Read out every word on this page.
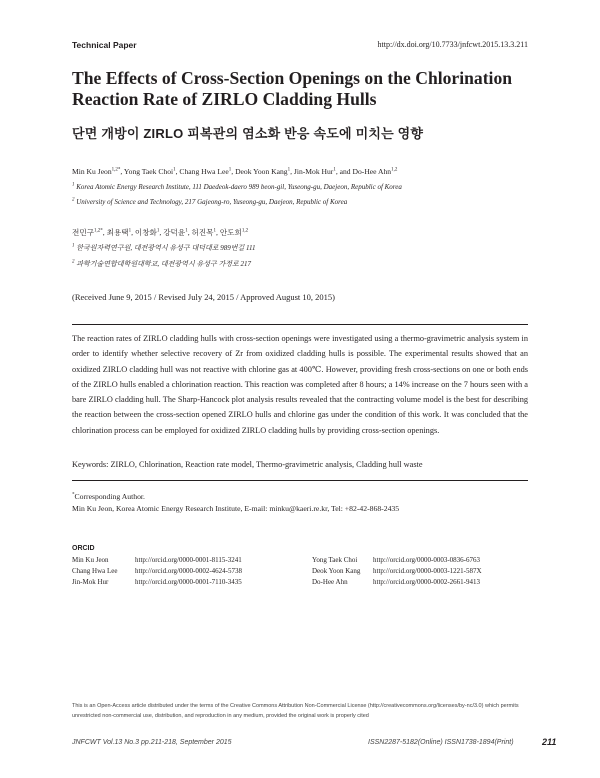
Technical Paper	http://dx.doi.org/10.7733/jnfcwt.2015.13.3.211
The Effects of Cross-Section Openings on the Chlorination Reaction Rate of ZIRLO Cladding Hulls
단면 개방이 ZIRLO 피복관의 염소화 반응 속도에 미치는 영향
Min Ku Jeon$^{1,2*}$, Yong Taek Choi$^1$, Chang Hwa Lee$^1$, Deok Yoon Kang$^1$, Jin-Mok Hur$^1$, and Do-Hee Ahn$^{1,2}$
$^1$ Korea Atomic Energy Research Institute, 111 Daedeok-daero 989 beon-gil, Yuseong-gu, Daejeon, Republic of Korea
$^2$ University of Science and Technology, 217 Gajeong-ro, Yuseong-gu, Daejeon, Republic of Korea
전민구$^{1,2*}$, 최용택$^1$, 이창화$^1$, 강덕윤$^1$, 허진목$^1$, 안도희$^{1,2}$
$^1$ 한국원자력연구원, 대전광역시 유성구 대덕대로 989번길 111
$^2$ 과학기술연합대학원대학교, 대전광역시 유성구 가정로 217
(Received June 9, 2015 / Revised July 24, 2015 / Approved August 10, 2015)
The reaction rates of ZIRLO cladding hulls with cross-section openings were investigated using a thermo-gravimetric analysis system in order to identify whether selective recovery of Zr from oxidized cladding hulls is possible. The experimental results showed that an oxidized ZIRLO cladding hull was not reactive with chlorine gas at 400℃. However, providing fresh cross-sections on one or both ends of the ZIRLO hulls enabled a chlorination reaction. This reaction was completed after 8 hours; a 14% increase on the 7 hours seen with a bare ZIRLO cladding hull. The Sharp-Hancock plot analysis results revealed that the contracting volume model is the best for describing the reaction between the cross-section opened ZIRLO hulls and chlorine gas under the condition of this work. It was concluded that the chlorination process can be employed for oxidized ZIRLO cladding hulls by providing cross-section openings.
Keywords: ZIRLO, Chlorination, Reaction rate model, Thermo-gravimetric analysis, Cladding hull waste
*Corresponding Author.
Min Ku Jeon, Korea Atomic Energy Research Institute, E-mail: minku@kaeri.re.kr, Tel: +82-42-868-2435
ORCID
Min Ku Jeon	http://orcid.org/0000-0001-8115-3241	Yong Taek Choi http://orcid.org/0000-0003-0836-6763
Chang Hwa Lee	http://orcid.org/0000-0002-4624-5738	Deok Yoon Kang http://orcid.org/0000-0003-1221-587X
Jin-Mok Hur	http://orcid.org/0000-0001-7110-3435	Do-Hee Ahn	http://orcid.org/0000-0002-2661-9413
This is an Open-Access article distributed under the terms of the Creative Commons Attribution Non-Commercial License (http://creativecommons.org/licenses/by-nc/3.0) which permits unrestricted non-commercial use, distribution, and reproduction in any medium, provided the original work is properly cited
JNFCWT Vol.13 No.3 pp.211-218, September 2015	ISSN2287-5182(Online) ISSN1738-1894(Print)	211
